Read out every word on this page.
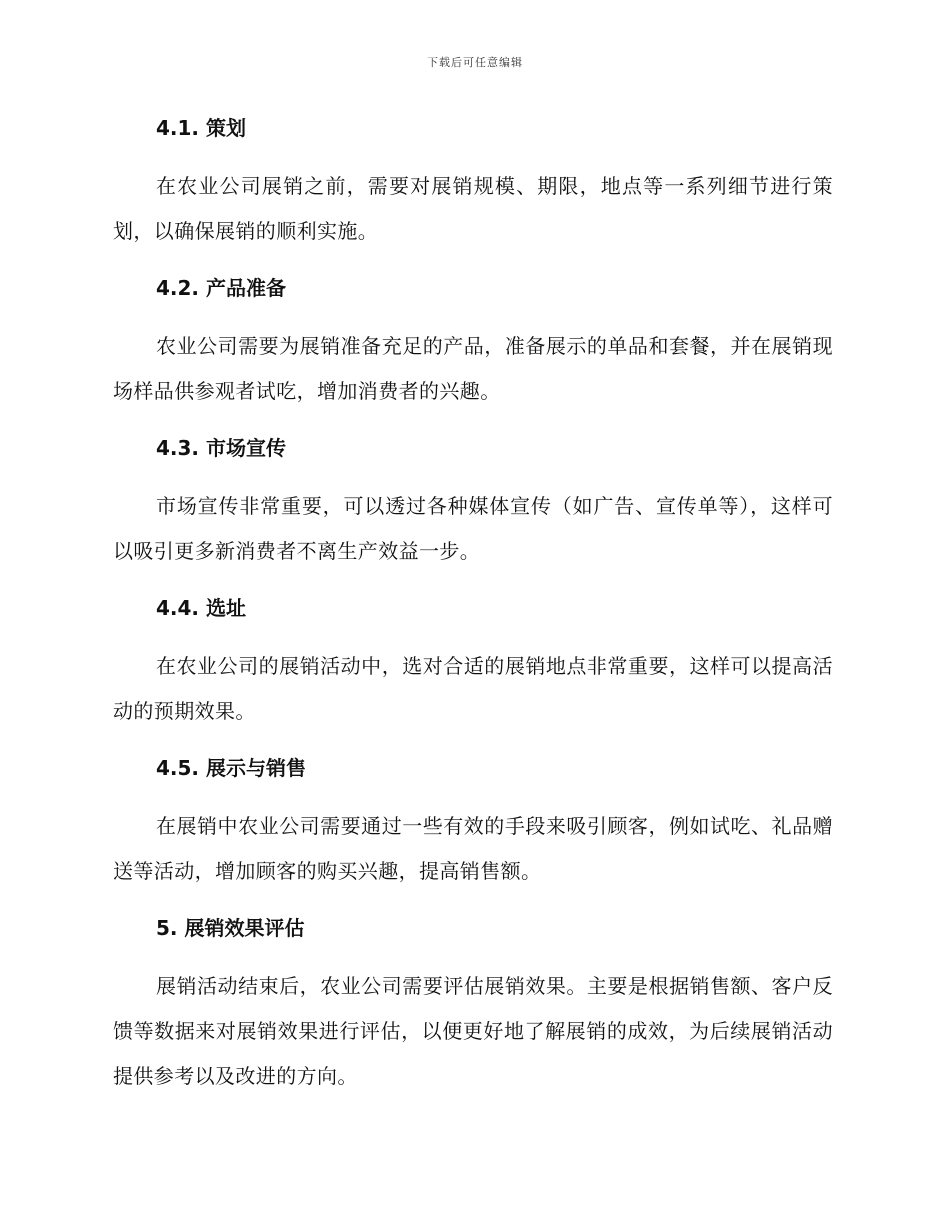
下载后可任意编辑
4.1. 策划
在农业公司展销之前，需要对展销规模、期限，地点等一系列细节进行策划，以确保展销的顺利实施。
4.2. 产品准备
农业公司需要为展销准备充足的产品，准备展示的单品和套餐，并在展销现场样品供参观者试吃，增加消费者的兴趣。
4.3. 市场宣传
市场宣传非常重要，可以透过各种媒体宣传（如广告、宣传单等），这样可以吸引更多新消费者不离生产效益一步。
4.4. 选址
在农业公司的展销活动中，选对合适的展销地点非常重要，这样可以提高活动的预期效果。
4.5. 展示与销售
在展销中农业公司需要通过一些有效的手段来吸引顾客，例如试吃、礼品赠送等活动，增加顾客的购买兴趣，提高销售额。
5. 展销效果评估
展销活动结束后，农业公司需要评估展销效果。主要是根据销售额、客户反馈等数据来对展销效果进行评估，以便更好地了解展销的成效，为后续展销活动提供参考以及改进的方向。
